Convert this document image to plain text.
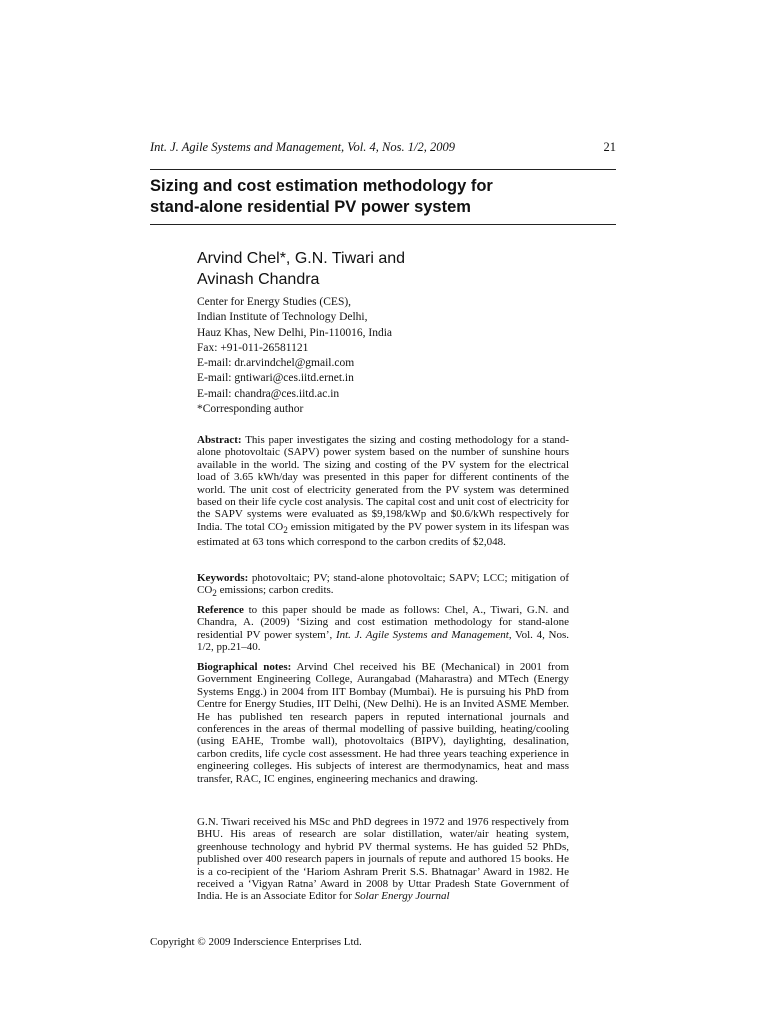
Int. J. Agile Systems and Management, Vol. 4, Nos. 1/2, 2009	21
Sizing and cost estimation methodology for
stand-alone residential PV power system
Arvind Chel*, G.N. Tiwari and
Avinash Chandra
Center for Energy Studies (CES),
Indian Institute of Technology Delhi,
Hauz Khas, New Delhi, Pin-110016, India
Fax: +91-011-26581121
E-mail: dr.arvindchel@gmail.com
E-mail: gntiwari@ces.iitd.ernet.in
E-mail: chandra@ces.iitd.ac.in
*Corresponding author
Abstract: This paper investigates the sizing and costing methodology for a stand-alone photovoltaic (SAPV) power system based on the number of sunshine hours available in the world. The sizing and costing of the PV system for the electrical load of 3.65 kWh/day was presented in this paper for different continents of the world. The unit cost of electricity generated from the PV system was determined based on their life cycle cost analysis. The capital cost and unit cost of electricity for the SAPV systems were evaluated as $9,198/kWp and $0.6/kWh respectively for India. The total $CO_2$ emission mitigated by the PV power system in its lifespan was estimated at 63 tons which correspond to the carbon credits of $2,048.
Keywords: photovoltaic; PV; stand-alone photovoltaic; SAPV; LCC; mitigation of $CO_2$ emissions; carbon credits.
Reference to this paper should be made as follows: Chel, A., Tiwari, G.N. and Chandra, A. (2009) ‘Sizing and cost estimation methodology for stand-alone residential PV power system’, Int. J. Agile Systems and Management, Vol. 4, Nos. 1/2, pp.21–40.
Biographical notes: Arvind Chel received his BE (Mechanical) in 2001 from Government Engineering College, Aurangabad (Maharastra) and MTech (Energy Systems Engg.) in 2004 from IIT Bombay (Mumbai). He is pursuing his PhD from Centre for Energy Studies, IIT Delhi, (New Delhi). He is an Invited ASME Member. He has published ten research papers in reputed international journals and conferences in the areas of thermal modelling of passive building, heating/cooling (using EAHE, Trombe wall), photovoltaics (BIPV), daylighting, desalination, carbon credits, life cycle cost assessment. He had three years teaching experience in engineering colleges. His subjects of interest are thermodynamics, heat and mass transfer, RAC, IC engines, engineering mechanics and drawing.
G.N. Tiwari received his MSc and PhD degrees in 1972 and 1976 respectively from BHU. His areas of research are solar distillation, water/air heating system, greenhouse technology and hybrid PV thermal systems. He has guided 52 PhDs, published over 400 research papers in journals of repute and authored 15 books. He is a co-recipient of the ‘Hariom Ashram Prerit S.S. Bhatnagar’ Award in 1982. He received a ‘Vigyan Ratna’ Award in 2008 by Uttar Pradesh State Government of India. He is an Associate Editor for Solar Energy Journal
Copyright © 2009 Inderscience Enterprises Ltd.
